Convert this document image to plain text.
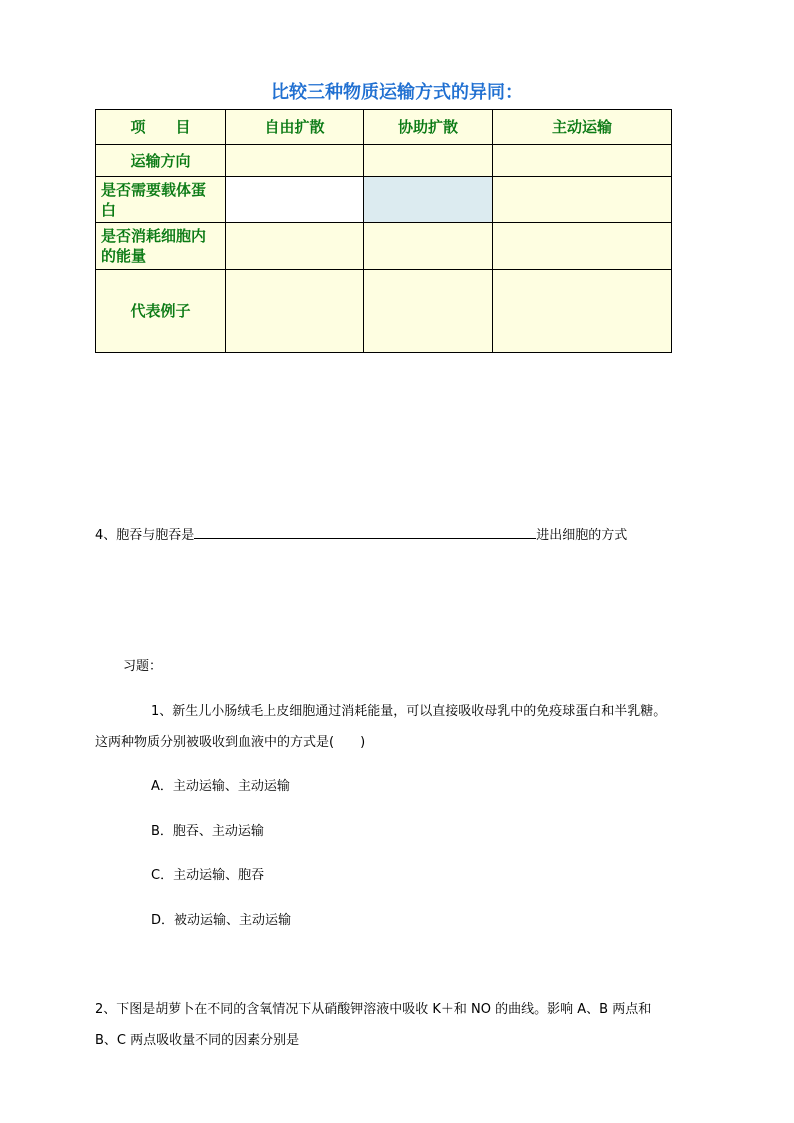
比较三种物质运输方式的异同：
项　　目	自由扩散	协助扩散	主动运输
运输方向			
是否需要载体蛋白			
是否消耗细胞内的能量			
代表例子			
4、胞吞与胞吞是	进出细胞的方式
习题：
1、新生儿小肠绒毛上皮细胞通过消耗能量，可以直接吸收母乳中的免疫球蛋白和半乳糖。
这两种物质分别被吸收到血液中的方式是(　　)
A．主动运输、主动运输
B．胞吞、主动运输
C．主动运输、胞吞
D．被动运输、主动运输
2、下图是胡萝卜在不同的含氧情况下从硝酸钾溶液中吸收 K＋和 NO 的曲线。影响 A、B 两点和
B、C 两点吸收量不同的因素分别是
